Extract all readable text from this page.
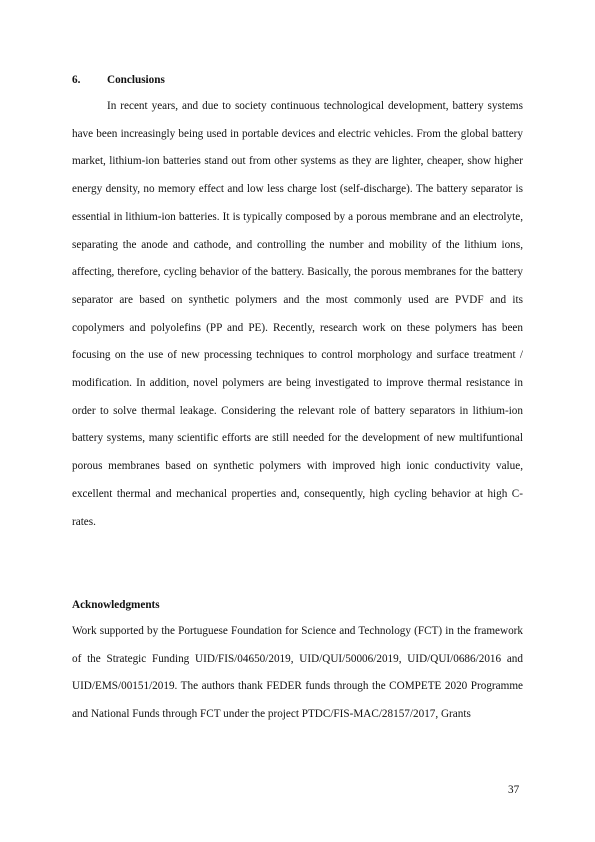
6. Conclusions

In recent years, and due to society continuous technological development, battery systems have been increasingly being used in portable devices and electric vehicles. From the global battery market, lithium-ion batteries stand out from other systems as they are lighter, cheaper, show higher energy density, no memory effect and low less charge lost (self-discharge). The battery separator is essential in lithium-ion batteries. It is typically composed by a porous membrane and an electrolyte, separating the anode and cathode, and controlling the number and mobility of the lithium ions, affecting, therefore, cycling behavior of the battery. Basically, the porous membranes for the battery separator are based on synthetic polymers and the most commonly used are PVDF and its copolymers and polyolefins (PP and PE). Recently, research work on these polymers has been focusing on the use of new processing techniques to control morphology and surface treatment / modification. In addition, novel polymers are being investigated to improve thermal resistance in order to solve thermal leakage. Considering the relevant role of battery separators in lithium-ion battery systems, many scientific efforts are still needed for the development of new multifuntional porous membranes based on synthetic polymers with improved high ionic conductivity value, excellent thermal and mechanical properties and, consequently, high cycling behavior at high C-rates.

Acknowledgments

Work supported by the Portuguese Foundation for Science and Technology (FCT) in the framework of the Strategic Funding UID/FIS/04650/2019, UID/QUI/50006/2019, UID/QUI/0686/2016 and UID/EMS/00151/2019. The authors thank FEDER funds through the COMPETE 2020 Programme and National Funds through FCT under the project PTDC/FIS-MAC/28157/2017, Grants

37
